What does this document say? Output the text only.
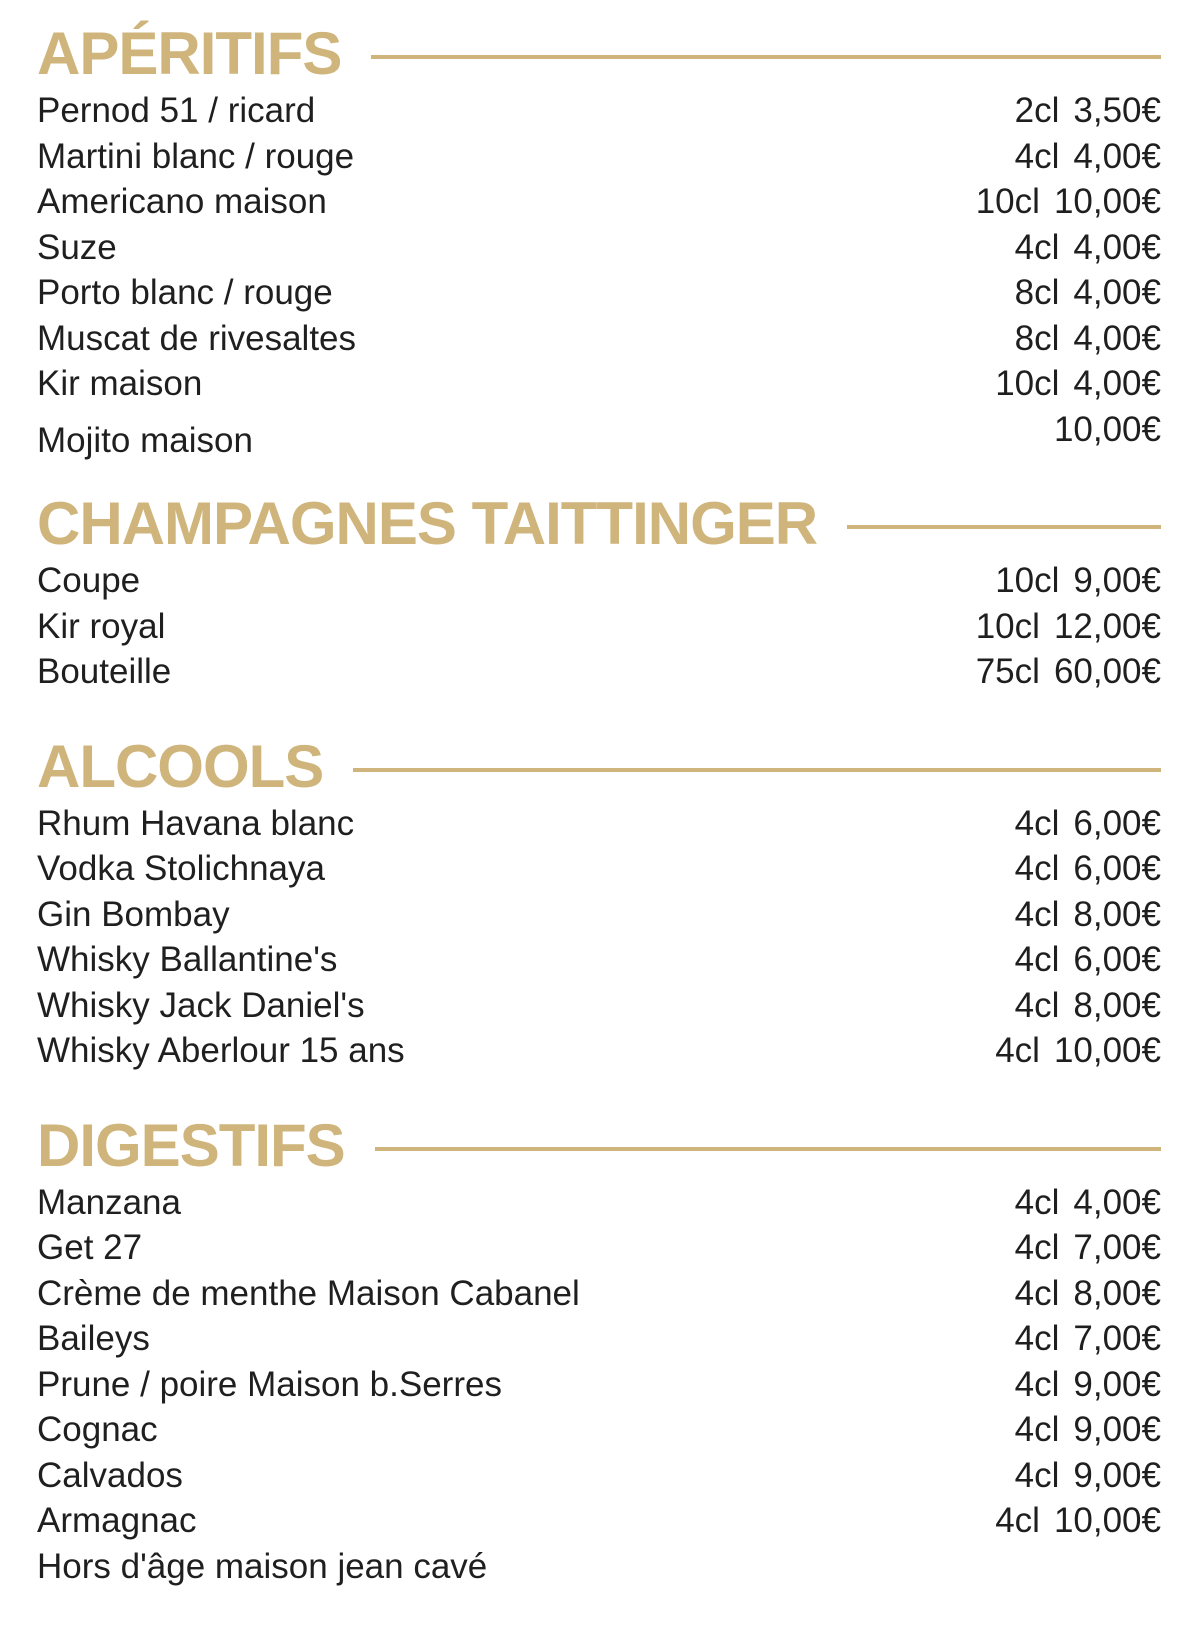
APÉRITIFS
Pernod 51 / ricard	2cl 3,50€
Martini blanc / rouge	4cl 4,00€
Americano maison	10cl 10,00€
Suze	4cl 4,00€
Porto blanc / rouge	8cl 4,00€
Muscat de rivesaltes	8cl 4,00€
Kir maison	10cl 4,00€
Mojito maison	10,00€
CHAMPAGNES TAITTINGER
Coupe	10cl 9,00€
Kir royal	10cl 12,00€
Bouteille	75cl 60,00€
ALCOOLS
Rhum Havana blanc	4cl 6,00€
Vodka Stolichnaya	4cl 6,00€
Gin Bombay	4cl 8,00€
Whisky Ballantine's	4cl 6,00€
Whisky Jack Daniel's	4cl 8,00€
Whisky Aberlour 15 ans	4cl 10,00€
DIGESTIFS
Manzana	4cl 4,00€
Get 27	4cl 7,00€
Crème de menthe Maison Cabanel	4cl 8,00€
Baileys	4cl 7,00€
Prune / poire Maison b.Serres	4cl 9,00€
Cognac	4cl 9,00€
Calvados	4cl 9,00€
Armagnac	4cl 10,00€
Hors d'âge maison jean cavé
